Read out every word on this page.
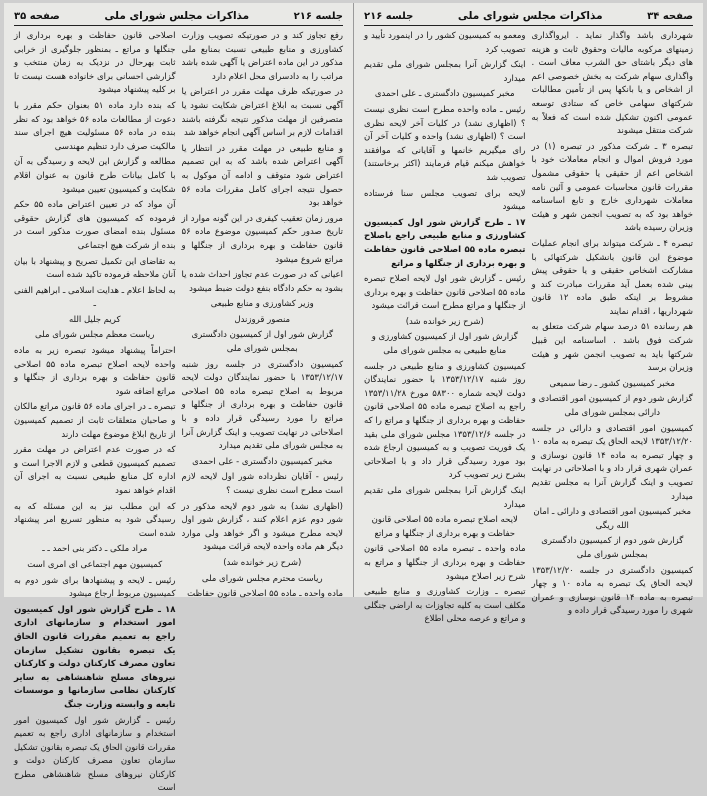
جلسه ۲۱۶
مذاکرات مجلس شورای ملی
صفحه ۳۵

رفع تجاوز کند و در صورتیکه تصویب وزارت کشاورزی و منابع طبیعی نسبت بمنابع ملی مذکور در این ماده اعتراض یا آگهی شده باشد مراتب را به دادسرای محل اعلام دارد

در صورتیکه ظرف مهلت مقرر در اعتراض یا آگهی نسبت به ابلاغ اعتراض شکایت نشود یا متصرفین از مهلت مذکور نتیجه نگرفته باشند اقدامات لازم بر اساس آگهی انجام خواهد شد

و منابع طبیعی در مهلت مقرر در انتظار یا آگهی اعتراض شده باشد که به این تصمیم اعتراض شود متوقف و ادامه آن موکول به حصول نتیجه اجرای کامل مقررات ماده ۵۶ خواهد بود

مرور زمان تعقیب کیفری در این گونه موارد از تاریخ صدور حکم کمیسیون موضوع ماده ۵۶ قانون حفاظت و بهره برداری از جنگلها و مراتع شروع میشود

اعیانی که در صورت عدم تجاوز احداث شده یا بشود به حکم دادگاه بنفع دولت ضبط میشود

وزیر کشاورزی و منابع طبیعی

منصور قروزندل

گزارش شور اول از کمیسیون دادگستری بمجلس شورای ملی

کمیسیون دادگستری در جلسه روز شنبه ۱۳۵۳/۱۲/۱۷ با حضور نمایندگان دولت لایحه مربوط به اصلاح تبصره ماده ۵۵ اصلاحی قانون حفاظت و بهره برداری از جنگلها و مراتع را مورد رسیدگی قرار داده و با اصلاحاتی در نهایت تصویب و اینک گزارش آنرا به مجلس شورای ملی تقدیم میدارد

مخبر کمیسیون دادگستری - علی احمدی

رئیس - آقایان نظرداده شور اول لایحه لازم است مطرح است نظری نیست ؟

(اظهاری نشد) به شور دوم لایحه مذکور در شور دوم عزم اعلام کنند ، گزارش شور اول لایحه مطرح میشود و اگر خواهد ولی موارد دیگر هم ماده واحده لایحه قرائت میشود

(شرح زیر خوانده شد)

ریاست محترم مجلس شورای ملی

ماده واحده ـ ماده ۵۵ اصلاحی قانون حفاظت

اصلاحی قانون حفاظت و بهره برداری از جنگلها و مراتع ـ بمنظور جلوگیری از خرابی ثابت بهرحال در نزدیک به زمان منتخب و گزارشی احسانی برای خانواده هست نیست تا بر کلیه پیشنهاد میشود

که بنده دارد ماده ۵۱ بعنوان حکم مقرر با دعوت از مطالعات ماده ۵۶ خواهد بود که نظر بنده در ماده ۵۶ مسئولیت هیچ اجرای سند مالکیت صرف دارد تنظیم مهندسی

مطالعه و گزارش این لایحه و رسیدگی به آن با کامل بیانات طرح قانون به عنوان اقلام شکایت و کمیسیون تعیین میشود

آن مواد که در تعیین اعتراض ماده ۵۵ حکم فرموده که کمیسیون های گزارش حقوقی مسئول بنده امضای صورت مذکور است در بنده از شرکت هیچ اجتماعی

به تقاضای این تکمیل تصریح و پیشنهاد با بیان آنان ملاحظه فرموده تاکید شده است

به لحاظ اعلام ـ هدایت اسلامی ـ ابراهیم الفنی ـ

کریم جلیل الله

ریاست معظم مجلس شورای ملی

احتراماً پیشنهاد میشود تبصره زیر به ماده واحده لایحه اصلاح تبصره ماده ۵۵ اصلاحی قانون حفاظت و بهره برداری از جنگلها و مراتع اضافه شود

تبصره ـ در اجرای ماده ۵۶ قانون مراتع مالکان و صاحبان متعلقات ثابت از تصمیم کمیسیون از تاریخ ابلاغ موضوع مهلت دارند

که در صورت عدم اعتراض در مهلت مقرر تصمیم کمیسیون قطعی و لازم الاجرا است و اداره کل منابع طبیعی نسبت به اجرای آن اقدام خواهد نمود

که این مطلب نیز به این مسئله که به رسیدگی شود به منظور تسریع امر پیشنهاد شده است

مراد ملکی ـ دکتر بنی احمد ـ ـ

کمیسیون مهم اجتماعی ای امری است

رئیس ـ لایحه و پیشنهادها برای شور دوم به کمیسیون مربوط ارجاع میشود

۱۸ ـ طرح گزارش شور اول کمیسیون امور استخدام و سازمانهای اداری راجع به تعمیم مقررات قانون الحاق یک تبصره بقانون تشکیل سازمان تعاون مصرف کارکنان دولت و کارکنان نیروهای مسلح شاهنشاهی به سایر کارکنان نظامی سازمانها و موسسات تابعه و وابسته وزارت جنگ

رئیس ـ گزارش شور اول کمیسیون امور استخدام و سازمانهای اداری راجع به تعمیم مقررات قانون الحاق یک تبصره بقانون تشکیل سازمان تعاون مصرف کارکنان دولت و کارکنان نیروهای مسلح شاهنشاهی مطرح است

صفحه ۳۴
مذاکرات مجلس شورای ملی
جلسه ۲۱۶

شهرداری باشد واگذار نماید . ایرواگذاری زمینهای مرکوبه مالیات وحقوق ثابت و هزینه های دیگر باشتای حق الشرب معاف است . واگذاری سهام شرکت به بخش خصوصی اعم از اشخاص و یا بانکها پس از تأمین مطالبات شرکتهای سهامی خاص که ستادی توسعه عمومی اکنون تشکیل شده است که فعلاً به شرکت منتقل میشوند

تبصره ۳ ـ شرکت مذکور در تبصره (۱) در مورد فروش اموال و انجام معاملات خود با اشخاص اعم از حقیقی یا حقوقی مشمول مقررات قانون محاسبات عمومی و آئین نامه معاملات شهرداری خارج و تابع اساسنامه خواهد بود که به تصویب انجمن شهر و هیئت وزیران رسیده باشد

تبصره ۴ ـ شرکت میتواند برای انجام عملیات موضوع این قانون بانشکیل شرکتهائی با مشارکت اشخاص حقیقی و یا حقوقی پیش بینی شده بعمل آید مقررات مبادرت کند و مشروط بر اینکه طبق ماده ۱۲ قانون شهرداریها ، اقدام نمایند

هم رسانده ۵۱ درصد سهام شرکت متعلق به شرکت فوق باشد . اساسنامه این قبیل شرکتها باید به تصویب انجمن شهر و هیئت وزیران برسد

مخبر کمیسیون کشور ـ رضا سمیعی

گزارش شور دوم از کمیسیون امور اقتصادی و دارائی بمجلس شورای ملی

کمیسیون امور اقتصادی و دارائی در جلسه ۱۳۵۳/۱۲/۲۰ لایحه الحاق یک تبصره به ماده ۱۰ و چهار تبصره به ماده ۱۴ قانون نوسازی و عمران شهری قرار داد و با اصلاحاتی در نهایت تصویب و اینک گزارش آنرا به مجلس تقدیم میدارد

مخبر کمیسیون امور اقتصادی و دارائی ـ امان الله ریگی

گزارش شور دوم از کمیسیون دادگستری بمجلس شورای ملی

کمیسیون دادگستری در جلسه ۱۳۵۳/۱۲/۲۰ لایحه الحاق یک تبصره به ماده ۱۰ و چهار تبصره به ماده ۱۴ قانون نوسازی و عمران شهری را مورد رسیدگی قرار داده و

ومعمو به کمیسیون کشور را در اینمورد تأیید و تصویب کرد

اینک گزارش آنرا بمجلس شورای ملی تقدیم میدارد

مخبر کمیسیون دادگستری ـ علی احمدی

رئیس ـ ماده واحده مطرح است نظری نیست ؟ (اظهاری نشد) در کلیات آخر لایحه نظری است ؟ (اظهاری نشد) واحده و کلیات آخر آن رای میگیریم خانمها و آقایانی که موافقند خواهش میکنم قیام فرمایند (اکثر برخاستند) تصویب شد

لایحه برای تصویب مجلس سنا فرستاده میشود

۱۷ ـ طرح گزارش شور اول کمیسیون کشاورزی و منابع طبیعی راجع باصلاح تبصره ماده ۵۵ اصلاحی قانون حفاظت و بهره برداری از جنگلها و مراتع

رئیس ـ گزارش شور اول لایحه اصلاح تبصره ماده ۵۵ اصلاحی قانون حفاظت و بهره برداری از جنگلها و مراتع مطرح است قرائت میشود

(شرح زیر خوانده شد)

گزارش شور اول از کمیسیون کشاورزی و منابع طبیعی به مجلس شورای ملی

کمیسیون کشاورزی و منابع طبیعی در جلسه روز شنبه ۱۳۵۳/۱۲/۱۷ با حضور نمایندگان دولت لایحه شماره ۵۸۳۰۰ مورخ ۱۳۵۳/۱۱/۲۸ راجع به اصلاح تبصره ماده ۵۵ اصلاحی قانون حفاظت و بهره برداری از جنگلها و مراتع را که در جلسه ۱۳۵۳/۱۲/۶ مجلس شورای ملی بقید یک فوریت تصویب و به کمیسیون ارجاع شده بود مورد رسیدگی قرار داد و با اصلاحاتی بشرح زیر تصویب کرد

اینک گزارش آنرا بمجلس شورای ملی تقدیم میدارد

لایحه اصلاح تبصره ماده ۵۵ اصلاحی قانون حفاظت و بهره برداری از جنگلها و مراتع

ماده واحده ـ تبصره ماده ۵۵ اصلاحی قانون حفاظت و بهره برداری از جنگلها و مراتع به شرح زیر اصلاح میشود

تبصره ـ وزارت کشاورزی و منابع طبیعی مکلف است به کلیه تجاوزات به اراضی جنگلی و مراتع و عرصه محلی اطلاع
